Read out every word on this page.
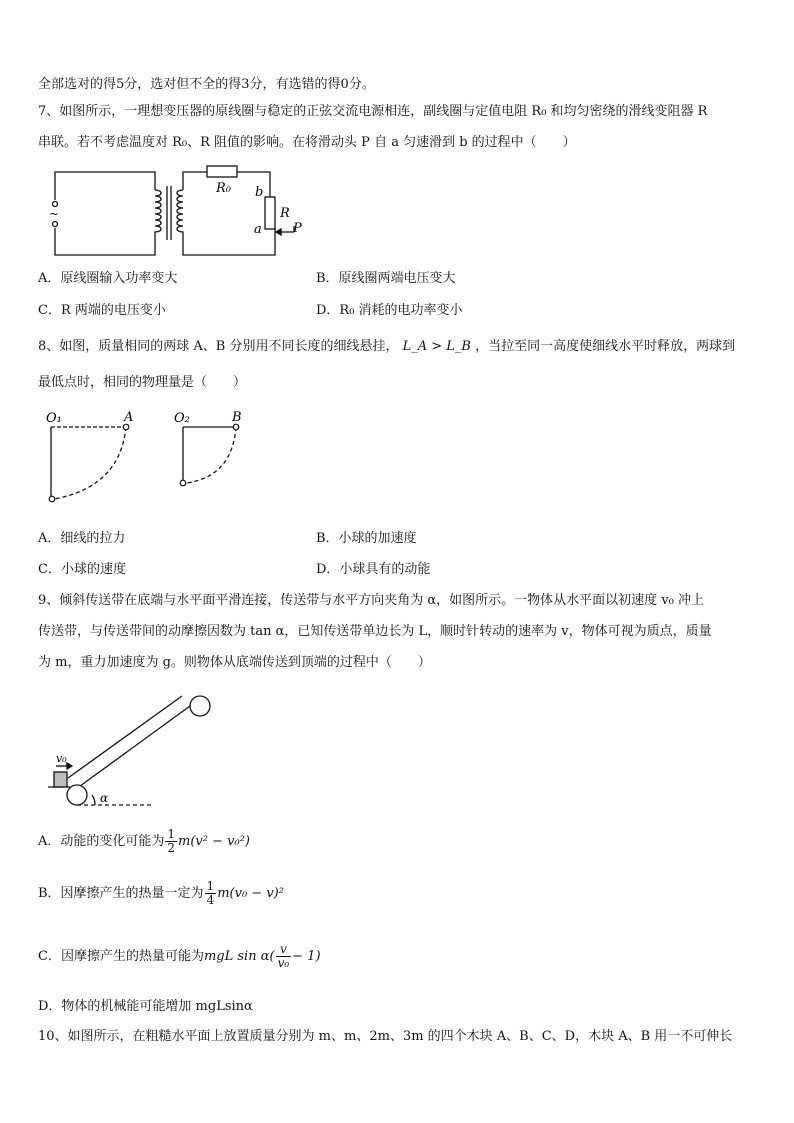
全部选对的得5分，选对但不全的得3分，有选错的得0分。
7、如图所示，一理想变压器的原线圈与稳定的正弦交流电源相连，副线圈与定值电阻 R₀ 和均匀密绕的滑线变阻器 R
串联。若不考虑温度对 R₀、R 阻值的影响。在将滑动头 P 自 a 匀速滑到 b 的过程中（　　）
~
R₀ b
R
a P
A．原线圈输入功率变大	B．原线圈两端电压变大
C．R 两端的电压变小	D．R₀ 消耗的电功率变小
8、如图，质量相同的两球 A、B 分别用不同长度的细线悬挂， L_A > L_B ，当拉至同一高度使细线水平时释放，两球到
最低点时，相同的物理量是（　　）
O₁	A	O₂	B
A．细线的拉力	B．小球的加速度
C．小球的速度	D．小球具有的动能
9、倾斜传送带在底端与水平面平滑连接，传送带与水平方向夹角为 α，如图所示。一物体从水平面以初速度 v₀ 冲上
传送带，与传送带间的动摩擦因数为 tan α，已知传送带单边长为 L，顺时针转动的速率为 v，物体可视为质点，质量
为 m，重力加速度为 g。则物体从底端传送到顶端的过程中（　　）
v₀
α
A．动能的变化可能为 $\frac{1}{2} m(v^2 - v_0^2)$
B．因摩擦产生的热量一定为 $\frac{1}{4} m(v_0 - v)^2$
C．因摩擦产生的热量可能为mgL $\sin \alpha( \frac{v}{\text{v₀}} - 1)$
D．物体的机械能可能增加 mgLsinα
10、如图所示，在粗糙水平面上放置质量分别为 m、m、2m、3m 的四个木块 A、B、C、D，木块 A、B 用一不可伸长
